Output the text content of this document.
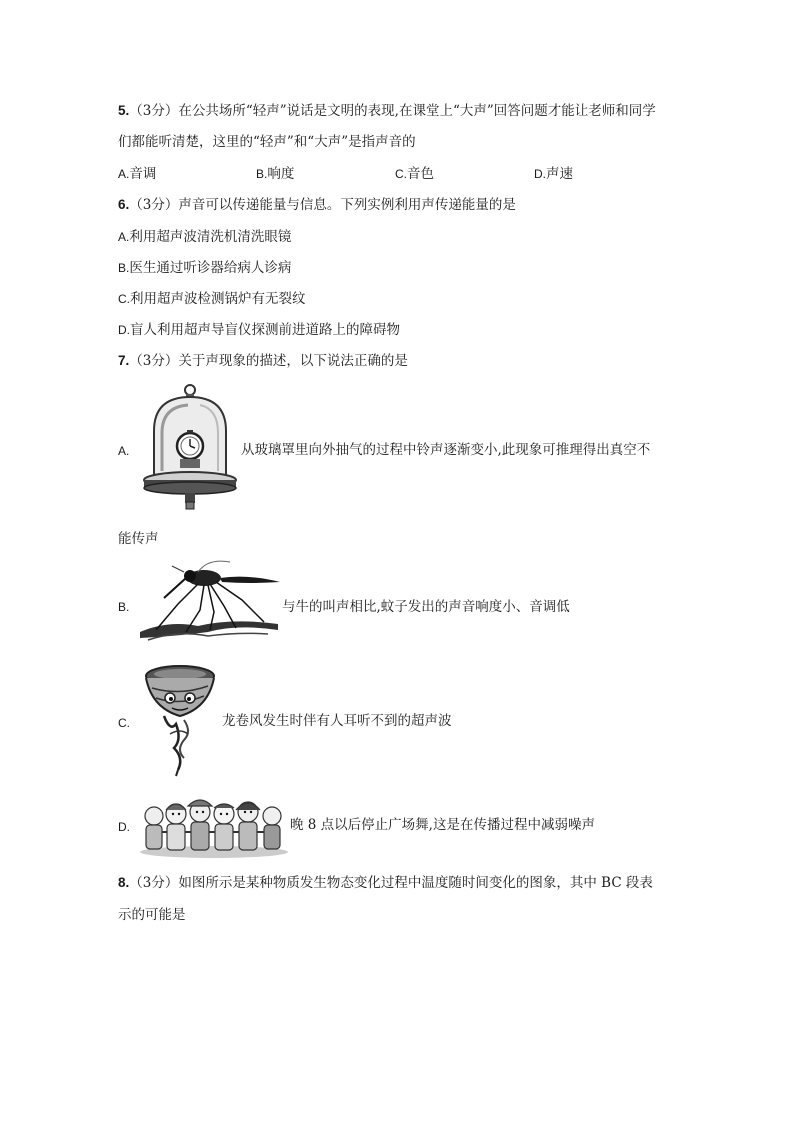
5.（3分）在公共场所“轻声”说话是文明的表现,在课堂上“大声”回答问题才能让老师和同学
们都能听清楚，这里的“轻声”和“大声”是指声音的
A.音调	B.响度	C.音色	D.声速
6.（3分）声音可以传递能量与信息。下列实例利用声传递能量的是
A.利用超声波清洗机清洗眼镜
B.医生通过听诊器给病人诊病
C.利用超声波检测锅炉有无裂纹
D.盲人利用超声导盲仪探测前进道路上的障碍物
7.（3分）关于声现象的描述，以下说法正确的是
A.	从玻璃罩里向外抽气的过程中铃声逐渐变小,此现象可推理得出真空不
能传声
B.	与牛的叫声相比,蚊子发出的声音响度小、音调低
C.	龙卷风发生时伴有人耳听不到的超声波
D.	晚 8 点以后停止广场舞,这是在传播过程中减弱噪声
8.（3分）如图所示是某种物质发生物态变化过程中温度随时间变化的图象，其中 BC 段表
示的可能是
